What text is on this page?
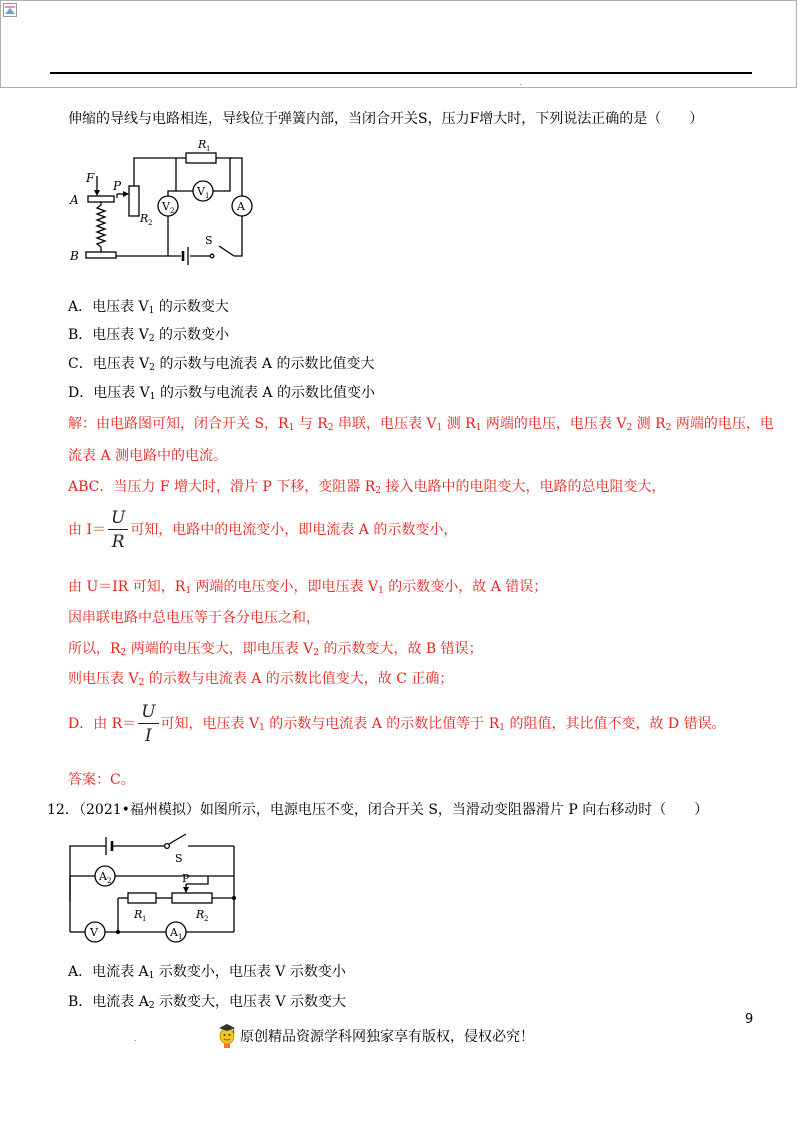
.
伸缩的导线与电路相连，导线位于弹簧内部，当闭合开关S，压力F增大时，下列说法正确的是（　　）
F
P
A
B
R 1
R 2
V 1
V 2	A
S
A．电压表 $V_1$ 的示数变大
B．电压表 $V_2$ 的示数变小
C．电压表 $V_2$ 的示数与电流表 A 的示数比值变大
D．电压表 $V_1$ 的示数与电流表 A 的示数比值变小
解：由电路图可知，闭合开关 S，$R_1$ 与 $R_2$ 串联，电压表 $V_1$ 测 $R_1$ 两端的电压，电压表 $V_2$ 测 $R_2$ 两端的电压，电
流表 A 测电路中的电流。
ABC．当压力 F 增大时，滑片 P 下移，变阻器 $R_2$ 接入电路中的电阻变大，电路的总电阻变大，
由 $I= \frac{U}{R}$ 可知，电路中的电流变小，即电流表 A 的示数变小，
由 U＝IR 可知，$R_1$ 两端的电压变小，即电压表 $V_1$ 的示数变小，故 A 错误；
因串联电路中总电压等于各分电压之和，
所以，$R_2$ 两端的电压变大，即电压表 $V_2$ 的示数变大，故 B 错误；
则电压表 $V_2$ 的示数与电流表 A 的示数比值变大，故 C 正确；
D．由 $R= \frac{U}{I}$ 可知，电压表 $V_1$ 的示数与电流表 A 的示数比值等于 $R_1$ 的阻值，其比值不变，故 D 错误。
答案：C。
12．
（2021•福州模拟）如图所示，电源电压不变，闭合开关 S，当滑动变阻器滑片 P 向右移动时（　　）
S
A 2	P
R 1	R 2
V	A 1
A．电流表 $A_1$ 示数变小，电压表 V 示数变小
B．电流表 $A_2$ 示数变大，电压表 V 示数变大
9
.	原创精品资源学科网独家享有版权，侵权必究！
